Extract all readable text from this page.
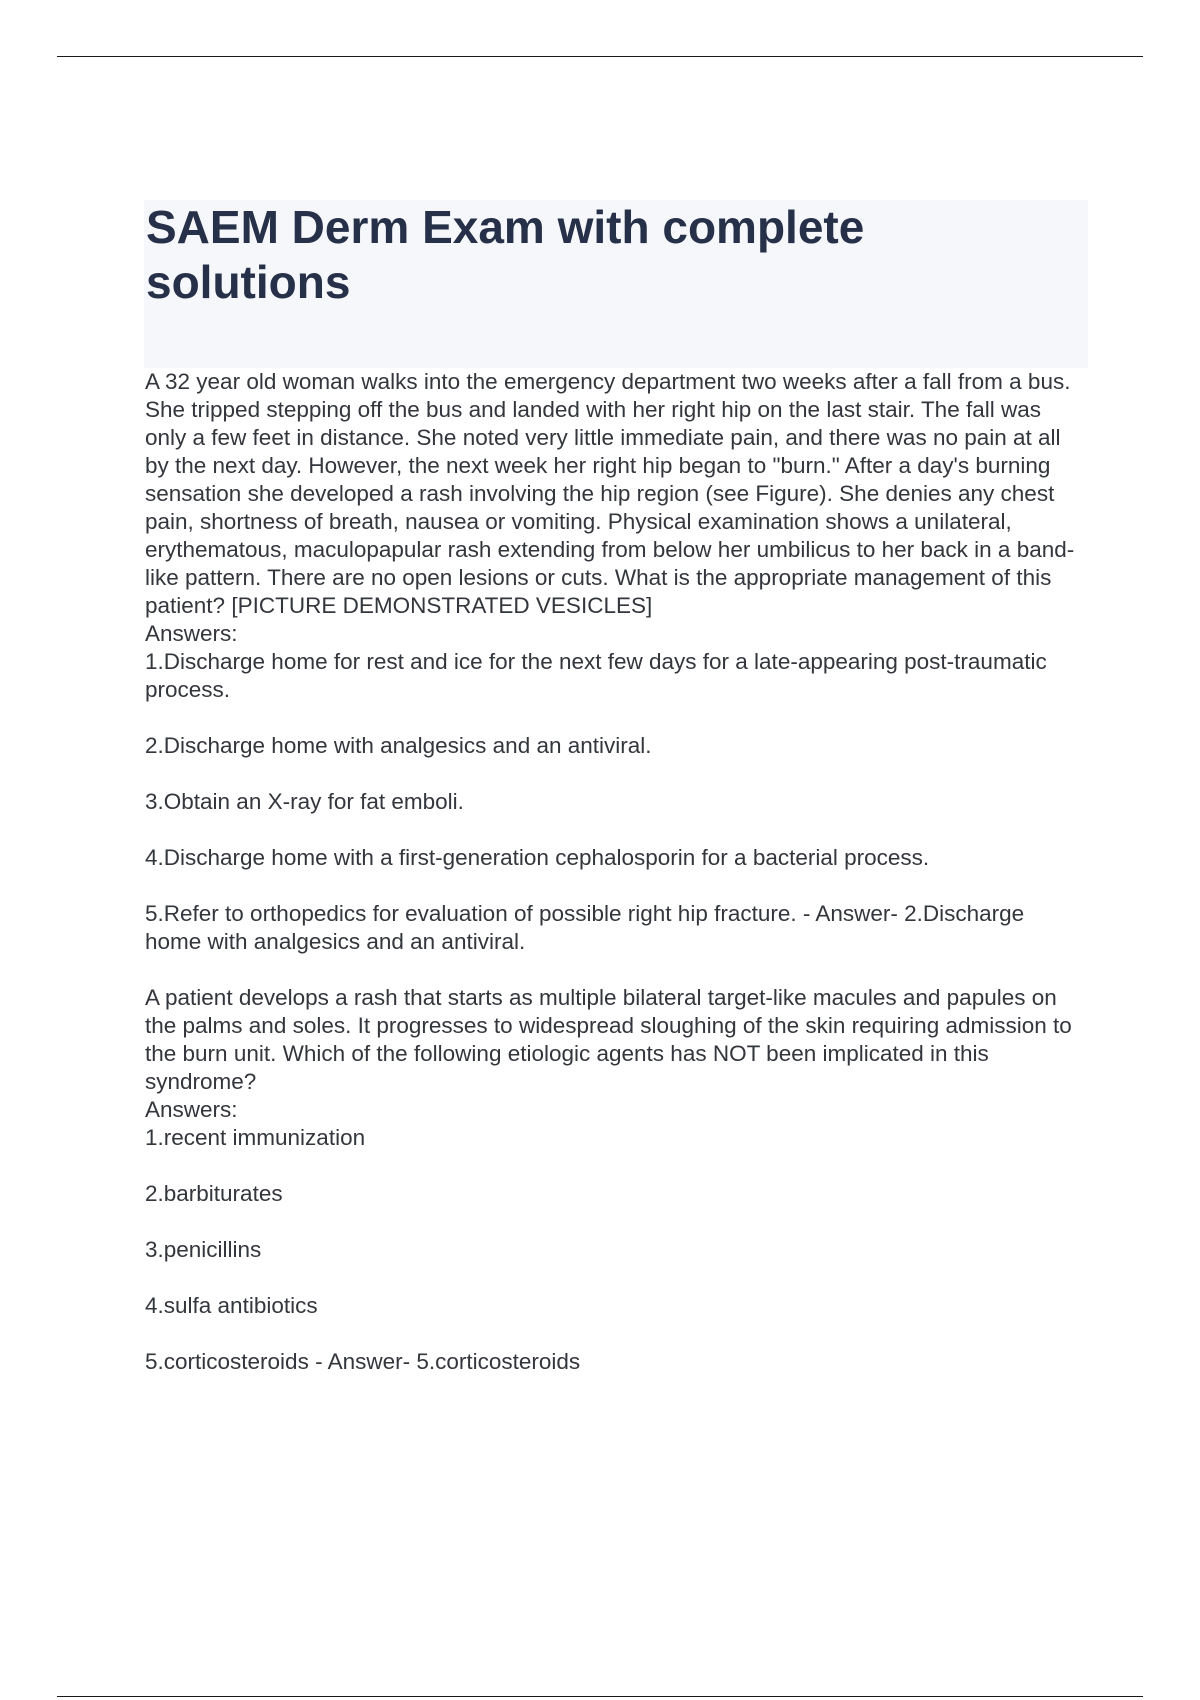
SAEM Derm Exam with complete solutions

A 32 year old woman walks into the emergency department two weeks after a fall from a bus. She tripped stepping off the bus and landed with her right hip on the last stair. The fall was only a few feet in distance. She noted very little immediate pain, and there was no pain at all by the next day. However, the next week her right hip began to "burn." After a day's burning sensation she developed a rash involving the hip region (see Figure). She denies any chest pain, shortness of breath, nausea or vomiting. Physical examination shows a unilateral, erythematous, maculopapular rash extending from below her umbilicus to her back in a band-like pattern. There are no open lesions or cuts. What is the appropriate management of this patient? [PICTURE DEMONSTRATED VESICLES]

Answers:

1.Discharge home for rest and ice for the next few days for a late-appearing post-traumatic process.

2.Discharge home with analgesics and an antiviral.

3.Obtain an X-ray for fat emboli.

4.Discharge home with a first-generation cephalosporin for a bacterial process.

5.Refer to orthopedics for evaluation of possible right hip fracture. - Answer- 2.Discharge home with analgesics and an antiviral.

A patient develops a rash that starts as multiple bilateral target-like macules and papules on the palms and soles. It progresses to widespread sloughing of the skin requiring admission to the burn unit. Which of the following etiologic agents has NOT been implicated in this syndrome?

Answers:

1.recent immunization

2.barbiturates

3.penicillins

4.sulfa antibiotics

5.corticosteroids - Answer- 5.corticosteroids
